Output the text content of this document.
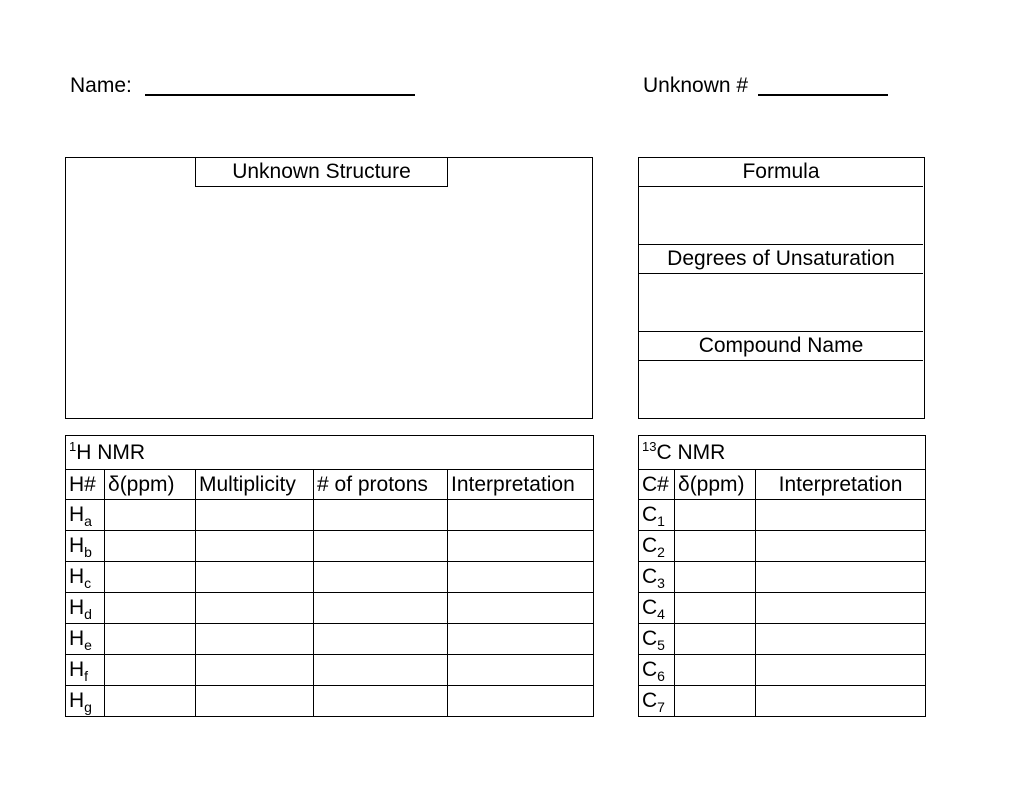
Name:	Unknown #
Unknown Structure	Formula
Degrees of Unsaturation
Compound Name
$^1$H NMR				
H#	δ(ppm)	Multiplicity	# of protons	Interpretation
$H_a$				
$H_b$				
$H_c$				
$H_d$				
$H_e$				
$H_f$				
$H_g$				
$^{13}$C NMR		
C#	δ(ppm)	Interpretation
$C_1$		
$C_2$		
$C_3$		
$C_4$		
$C_5$		
$C_6$		
$C_7$		
